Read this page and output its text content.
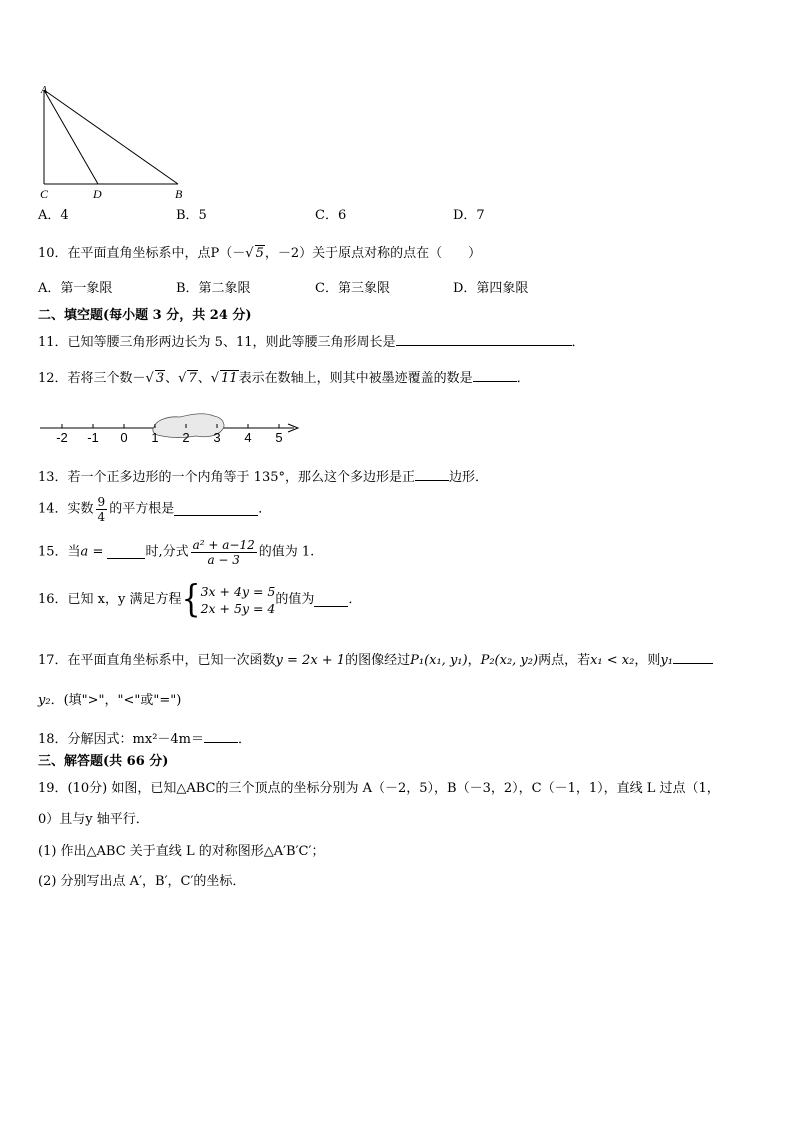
A
C	D	B
A．4	B．5	C．6	D．7
10．在平面直角坐标系中，点P（－√ 5，－2）关于原点对称的点在（　　）
A．第一象限	B．第二象限	C．第三象限	D．第四象限
二、填空题(每小题 3 分，共 24 分)
11．已知等腰三角形两边长为 5、11，则此等腰三角形周长是	．
12．若将三个数－√ 3、√ 7、√ 11表示在数轴上，则其中被墨迹覆盖的数是	．
-2 -1 0 1 2 3 4 5
13．若一个正多边形的一个内角等于 135°，那么这个多边形是正	边形．
14．实数 $\frac{9}{4}$ 的平方根是	．
15．当a =	时,分式 $\frac{\text{a² + a−12}}{a - 3}$ 的值为 1.
16．已知 x，y 满足方程{ 3x + 4y = 5
2x + 5y = 4
的值为	．
17．在平面直角坐标系中，已知一次函数y = 2x + 1的图像经过P₁(x₁, y₁)，P₂(x₂, y₂)两点，若x₁ < x₂，则y₁
y₂．(填">"，"<"或"=")
18．分解因式：mx²－4m＝	．
三、解答题(共 66 分)
19．(10分) 如图，已知△ABC的三个顶点的坐标分别为 A（－2，5），B（－3，2），C（－1，1），直线 L 过点（1，
0）且与y 轴平行．
(1) 作出△ABC 关于直线 L 的对称图形△A′B′C′；
(2) 分别写出点 A′，B′，C′的坐标．
